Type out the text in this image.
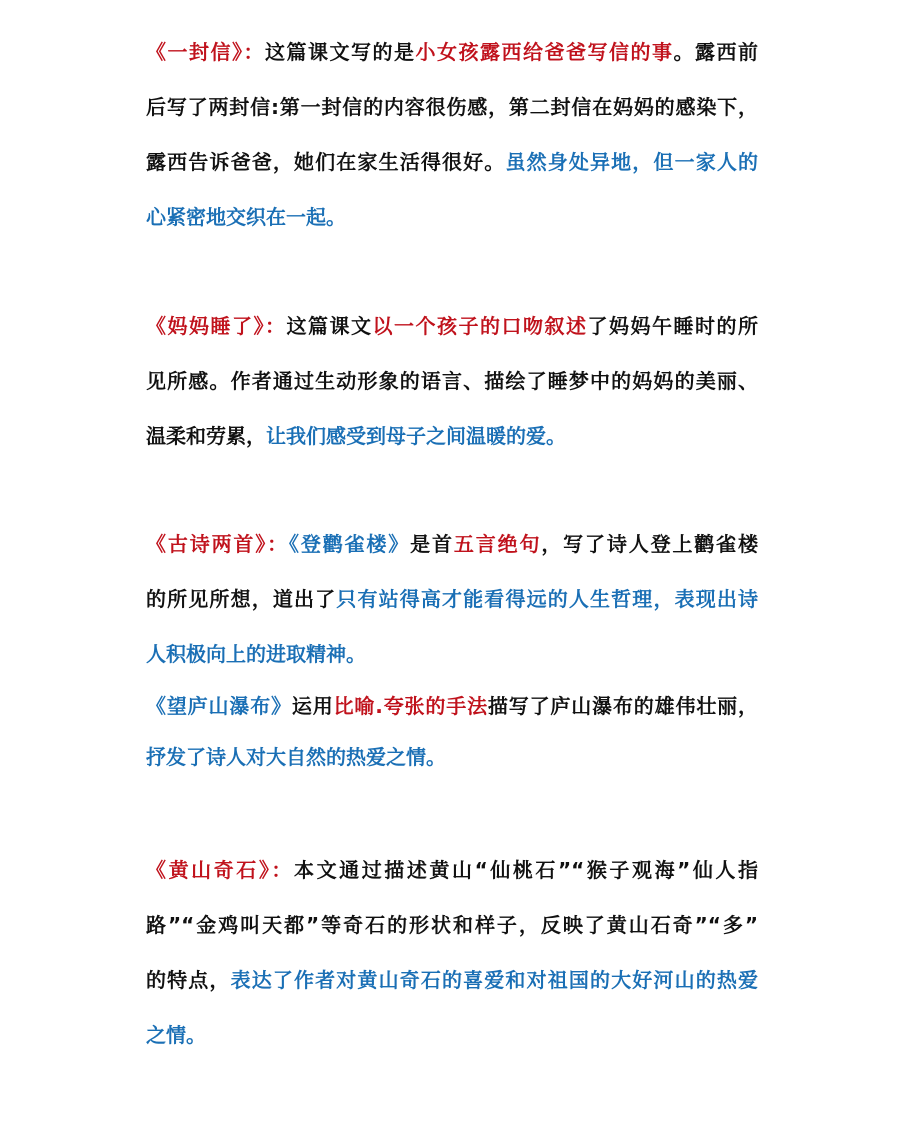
《一封信》：这篇课文写的是小女孩露西给爸爸写信的事。露西前
后写了两封信:第一封信的内容很伤感，第二封信在妈妈的感染下，
露西告诉爸爸，她们在家生活得很好。虽然身处异地，但一家人的
心紧密地交织在一起。
《妈妈睡了》：这篇课文以一个孩子的口吻叙述了妈妈午睡时的所
见所感。作者通过生动形象的语言、描绘了睡梦中的妈妈的美丽、
温柔和劳累，让我们感受到母子之间温暖的爱。
《古诗两首》：《登鹳雀楼》是首五言绝句，写了诗人登上鹳雀楼
的所见所想，道出了只有站得高才能看得远的人生哲理，表现出诗
人积极向上的进取精神。
《望庐山瀑布》运用比喻.夸张的手法描写了庐山瀑布的雄伟壮丽，
抒发了诗人对大自然的热爱之情。
《黄山奇石》：本文通过描述黄山“仙桃石”“猴子观海”仙人指
路”“金鸡叫天都”等奇石的形状和样子，反映了黄山石奇”“多”
的特点，表达了作者对黄山奇石的喜爱和对祖国的大好河山的热爱
之情。
